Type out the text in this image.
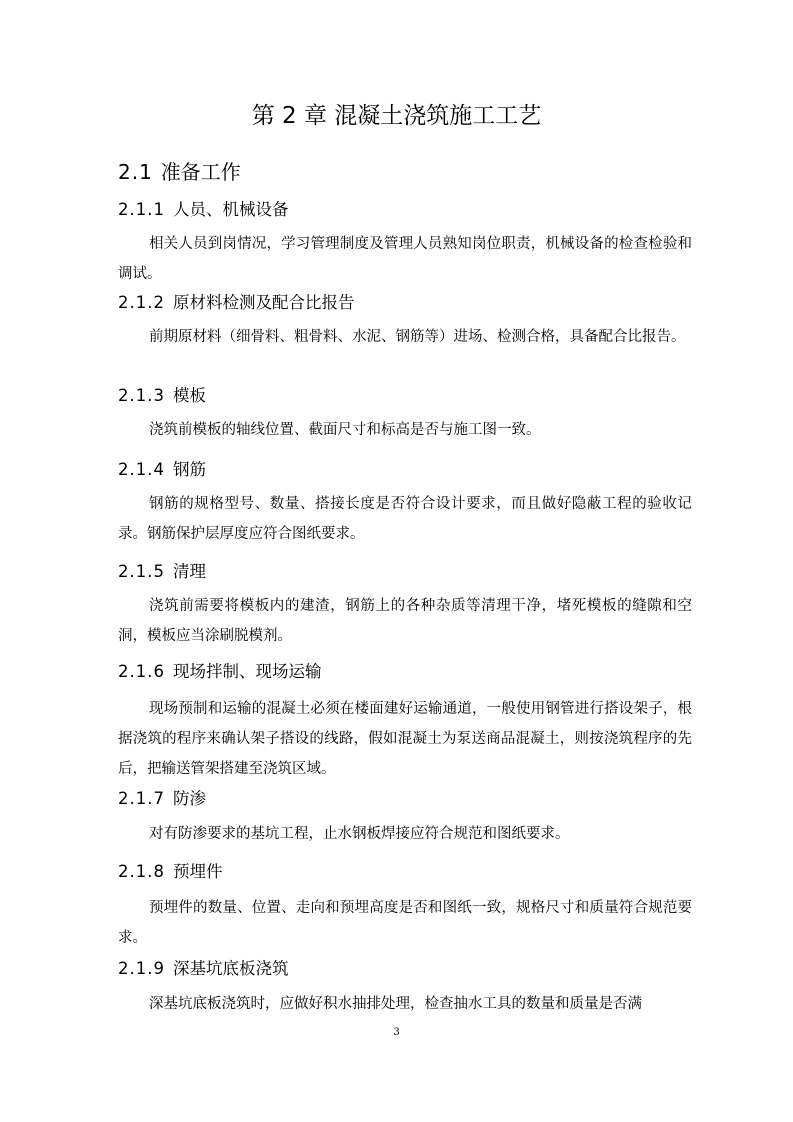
第 2 章 混凝土浇筑施工工艺
2.1 准备工作
2.1.1 人员、机械设备

相关人员到岗情况，学习管理制度及管理人员熟知岗位职责，机械设备的检查检验和调试。

2.1.2 原材料检测及配合比报告

前期原材料（细骨料、粗骨料、水泥、钢筋等）进场、检测合格，具备配合比报告。

2.1.3 模板

浇筑前模板的轴线位置、截面尺寸和标高是否与施工图一致。

2.1.4 钢筋

钢筋的规格型号、数量、搭接长度是否符合设计要求，而且做好隐蔽工程的验收记录。钢筋保护层厚度应符合图纸要求。

2.1.5 清理

浇筑前需要将模板内的建渣，钢筋上的各种杂质等清理干净，堵死模板的缝隙和空洞，模板应当涂刷脱模剂。

2.1.6 现场拌制、现场运输

现场预制和运输的混凝土必须在楼面建好运输通道，一般使用钢管进行搭设架子，根据浇筑的程序来确认架子搭设的线路，假如混凝土为泵送商品混凝土，则按浇筑程序的先后，把输送管架搭建至浇筑区域。

2.1.7 防渗

对有防渗要求的基坑工程，止水钢板焊接应符合规范和图纸要求。

2.1.8 预埋件

预埋件的数量、位置、走向和预埋高度是否和图纸一致，规格尺寸和质量符合规范要求。

2.1.9 深基坑底板浇筑

深基坑底板浇筑时，应做好积水抽排处理，检查抽水工具的数量和质量是否满

3
